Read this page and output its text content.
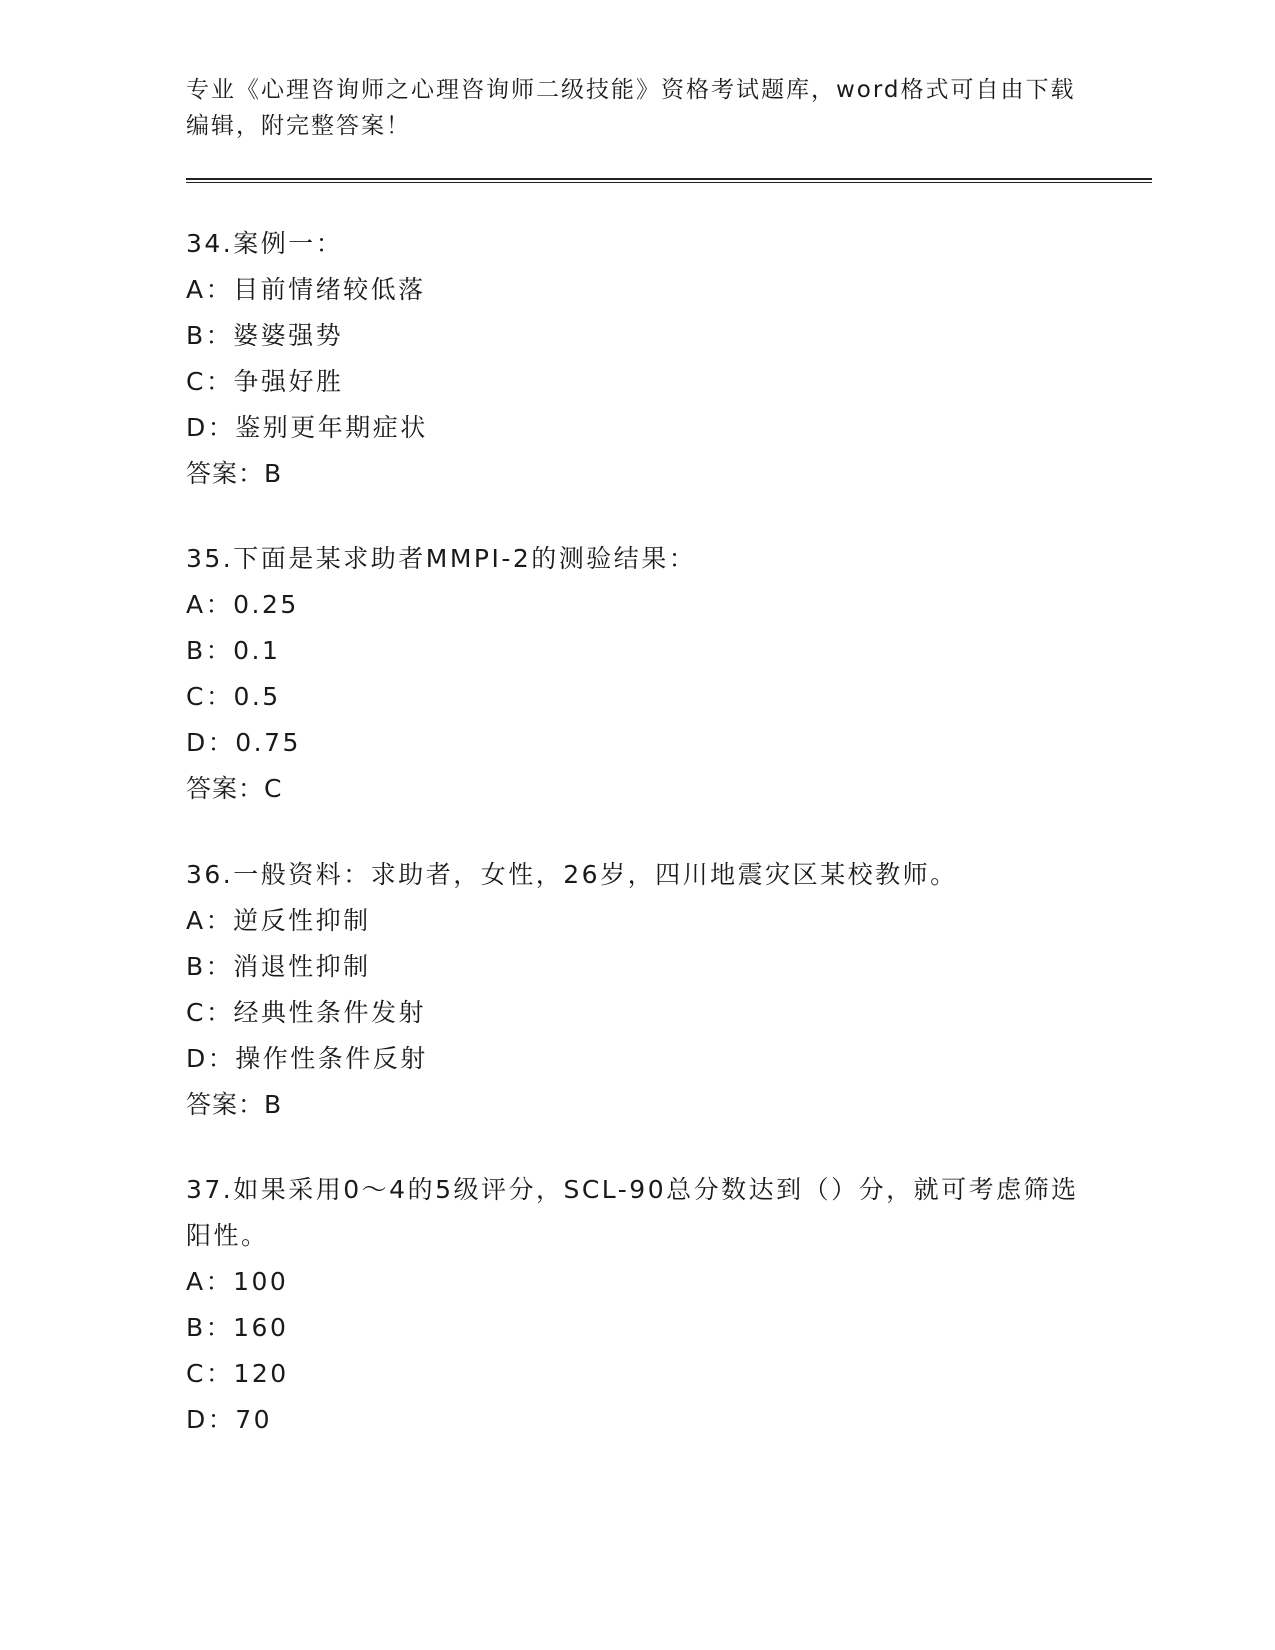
专业《心理咨询师之心理咨询师二级技能》资格考试题库，word格式可自由下载编辑，附完整答案！
34.案例一：
A：目前情绪较低落
B：婆婆强势
C：争强好胜
D：鉴别更年期症状
答案：B
35.下面是某求助者MMPI-2的测验结果：
A：0.25
B：0.1
C：0.5
D：0.75
答案：C
36.一般资料：求助者，女性，26岁，四川地震灾区某校教师。
A：逆反性抑制
B：消退性抑制
C：经典性条件发射
D：操作性条件反射
答案：B
37.如果采用0～4的5级评分，SCL-90总分数达到（）分，就可考虑筛选阳性。
A：100
B：160
C：120
D：70
